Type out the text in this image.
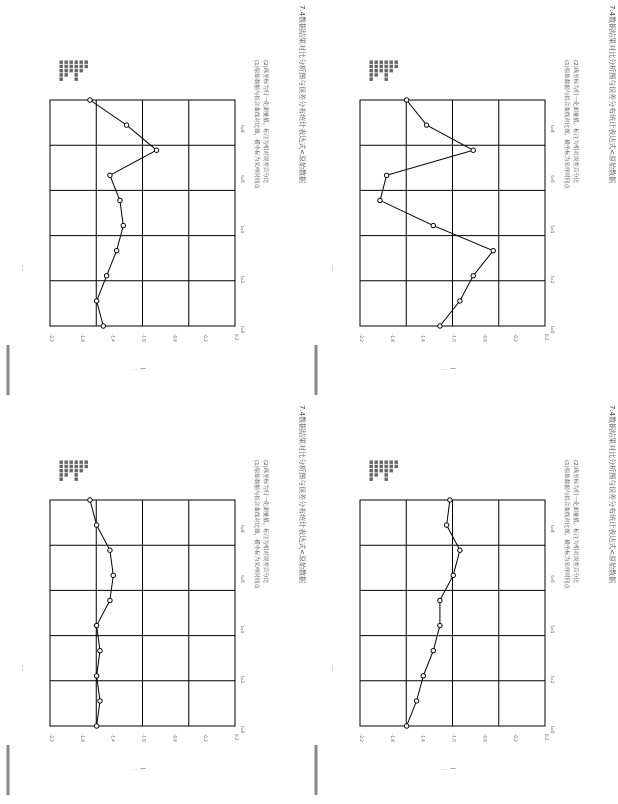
-2.2	-1.8	-1.4	-1.0	-0.6	-0.2	0.2
t=0
t=2
t=4
t=6
t=8	7.4数据结果对比分析图与误差分布统计表达式<原始数据
(1)原始数据与拟合曲线对比图，横坐标为采样时间点 (2)纵坐标为归一化测量值，标注为相对误差百分比
■■■■■ ■■■■ ■■■ ■■■■■ ■■■ ■■
一
—
一
-2.2	-1.8	-1.4	-1.0	-0.6	-0.2	0.2
t=0
t=2
t=4
t=6
t=8	7.4数据结果对比分析图与误差分布统计表达式<原始数据
(1)原始数据与拟合曲线对比图，横坐标为采样时间点 (2)纵坐标为归一化测量值，标注为相对误差百分比
■■■■■ ■■■■ ■■■ ■■■■■ ■■■ ■■
一
—
一
-2.2	-1.8	-1.4	-1.0	-0.6	-0.2	0.2
t=0
t=2
t=4
t=6
t=8	7.4数据结果对比分析图与误差分布统计表达式<原始数据
(1)原始数据与拟合曲线对比图，横坐标为采样时间点 (2)纵坐标为归一化测量值，标注为相对误差百分比
■■■■■ ■■■■ ■■■ ■■■■■ ■■■ ■■
一
—
一
-2.2	-1.8	-1.4	-1.0	-0.6	-0.2	0.2
t=0
t=2
t=4
t=6
t=8	7.4数据结果对比分析图与误差分布统计表达式<原始数据
(1)原始数据与拟合曲线对比图，横坐标为采样时间点 (2)纵坐标为归一化测量值，标注为相对误差百分比
■■■■■ ■■■■ ■■■ ■■■■■ ■■■ ■■
一
—
一
